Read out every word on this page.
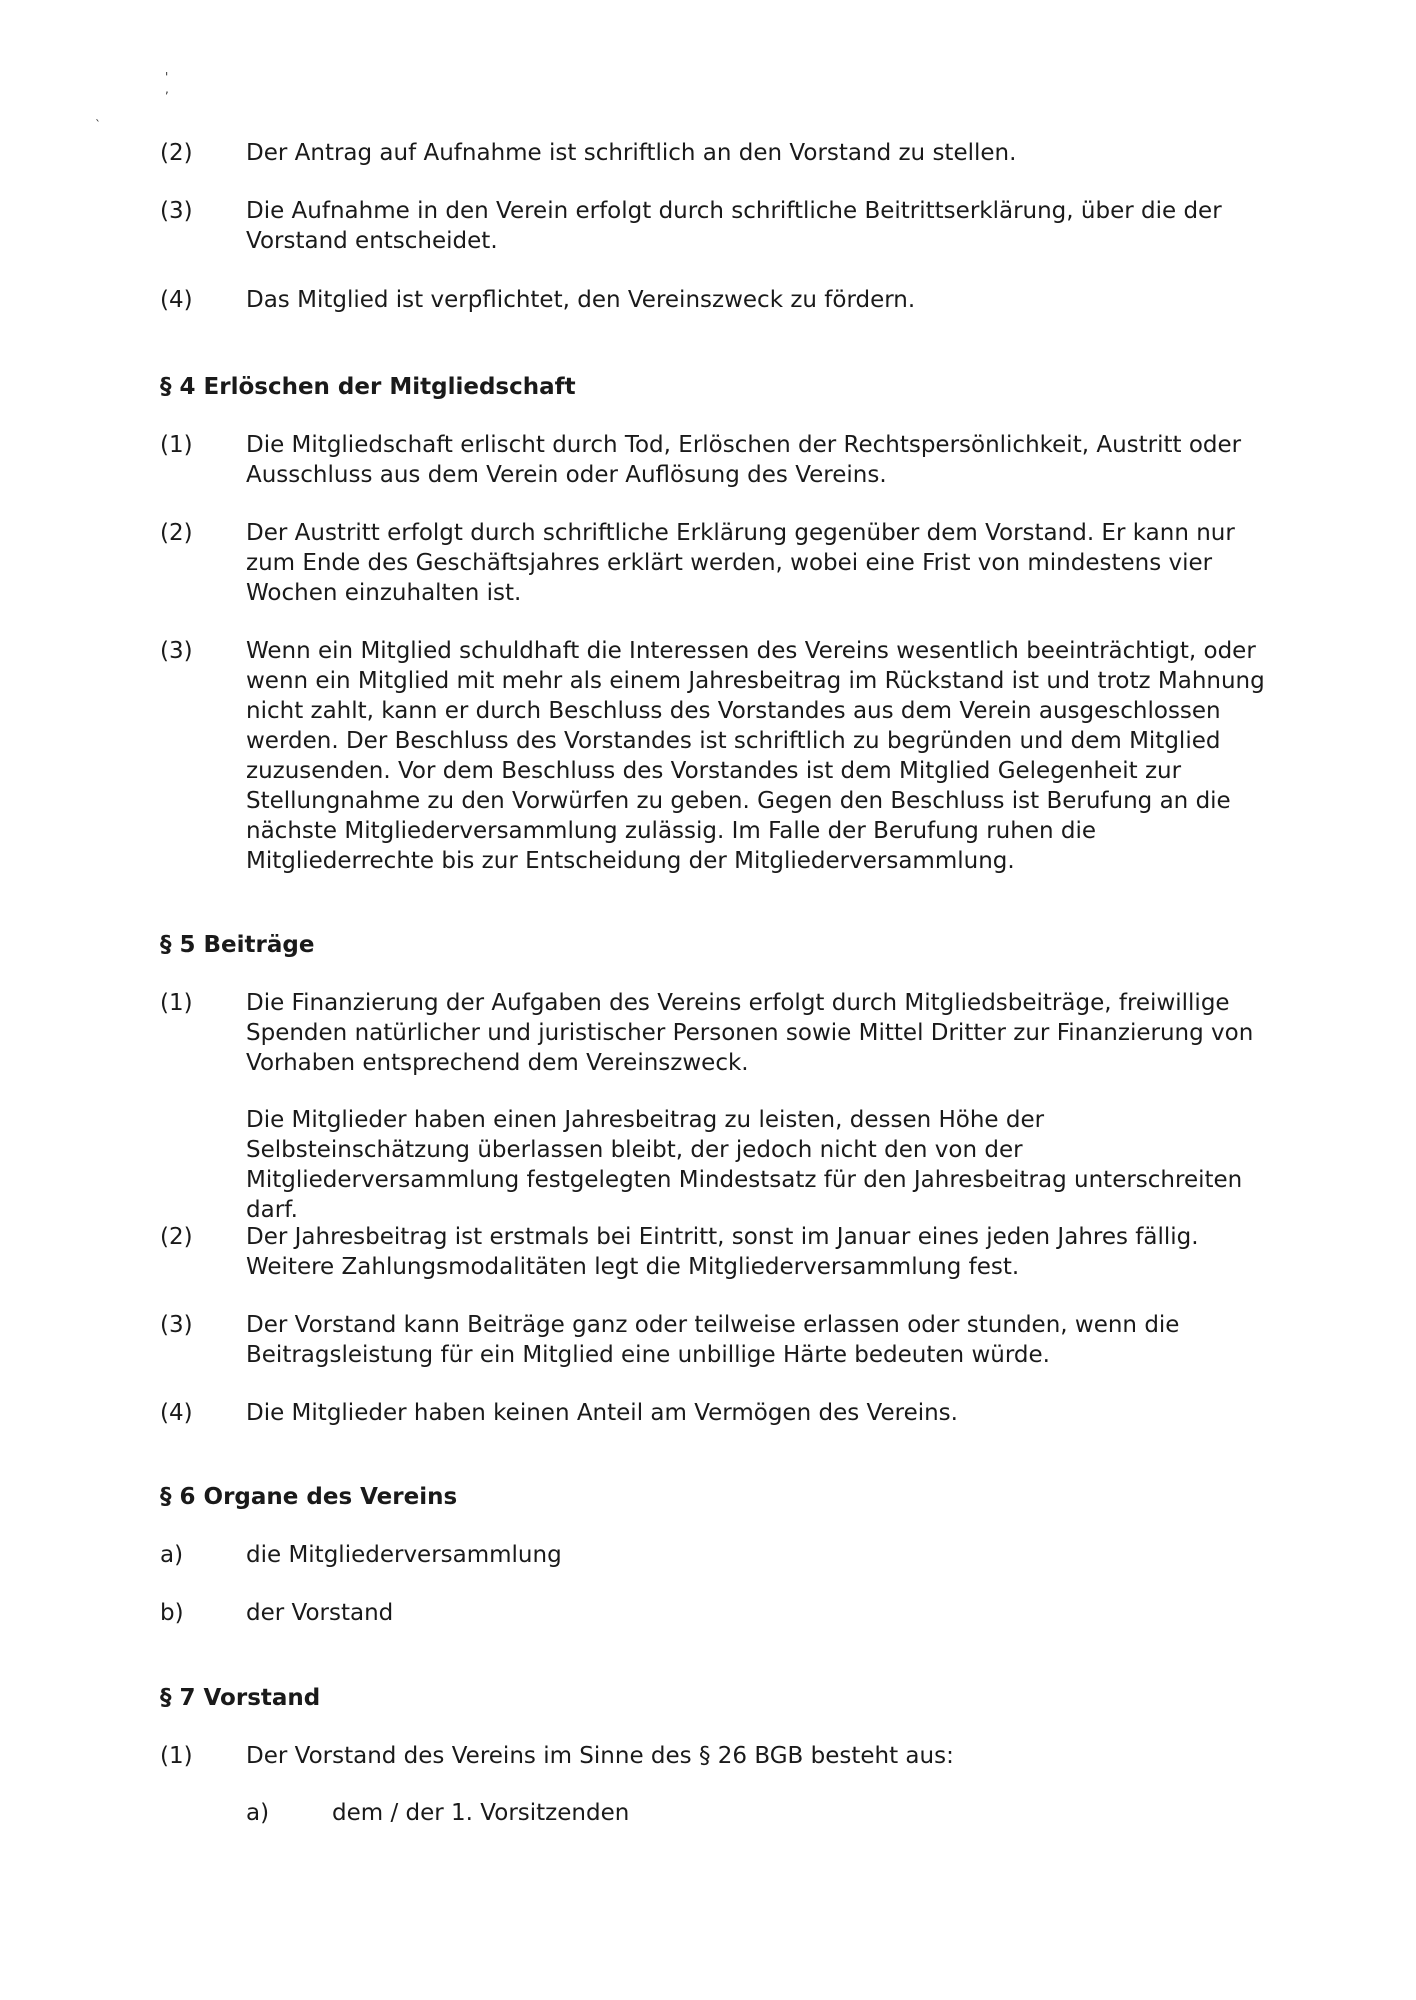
,
'
`
(2) Der Antrag auf Aufnahme ist schriftlich an den Vorstand zu stellen.
(3) Die Aufnahme in den Verein erfolgt durch schriftliche Beitrittserklärung, über die der Vorstand entscheidet.
(4) Das Mitglied ist verpflichtet, den Vereinszweck zu fördern.
§ 4 Erlöschen der Mitgliedschaft
(1) Die Mitgliedschaft erlischt durch Tod, Erlöschen der Rechtspersönlichkeit, Austritt oder Ausschluss aus dem Verein oder Auflösung des Vereins.
(2) Der Austritt erfolgt durch schriftliche Erklärung gegenüber dem Vorstand. Er kann nur zum Ende des Geschäftsjahres erklärt werden, wobei eine Frist von mindestens vier Wochen einzuhalten ist.
(3) Wenn ein Mitglied schuldhaft die Interessen des Vereins wesentlich beeinträchtigt, oder wenn ein Mitglied mit mehr als einem Jahresbeitrag im Rückstand ist und trotz Mahnung nicht zahlt, kann er durch Beschluss des Vorstandes aus dem Verein ausgeschlossen werden. Der Beschluss des Vorstandes ist schriftlich zu begründen und dem Mitglied zuzusenden. Vor dem Beschluss des Vorstandes ist dem Mitglied Gelegenheit zur Stellungnahme zu den Vorwürfen zu geben. Gegen den Beschluss ist Berufung an die nächste Mitgliederversammlung zulässig. Im Falle der Berufung ruhen die Mitgliederrechte bis zur Entscheidung der Mitgliederversammlung.
§ 5 Beiträge
(1) Die Finanzierung der Aufgaben des Vereins erfolgt durch Mitgliedsbeiträge, freiwillige Spenden natürlicher und juristischer Personen sowie Mittel Dritter zur Finanzierung von Vorhaben entsprechend dem Vereinszweck.
Die Mitglieder haben einen Jahresbeitrag zu leisten, dessen Höhe der Selbsteinschätzung überlassen bleibt, der jedoch nicht den von der Mitgliederversammlung festgelegten Mindestsatz für den Jahresbeitrag unterschreiten darf.
(2) Der Jahresbeitrag ist erstmals bei Eintritt, sonst im Januar eines jeden Jahres fällig. Weitere Zahlungsmodalitäten legt die Mitgliederversammlung fest.
(3) Der Vorstand kann Beiträge ganz oder teilweise erlassen oder stunden, wenn die Beitragsleistung für ein Mitglied eine unbillige Härte bedeuten würde.
(4) Die Mitglieder haben keinen Anteil am Vermögen des Vereins.
§ 6 Organe des Vereins
a)	die Mitgliederversammlung
b)	der Vorstand
§ 7 Vorstand
(1) Der Vorstand des Vereins im Sinne des § 26 BGB besteht aus:
a)	dem / der 1. Vorsitzenden
